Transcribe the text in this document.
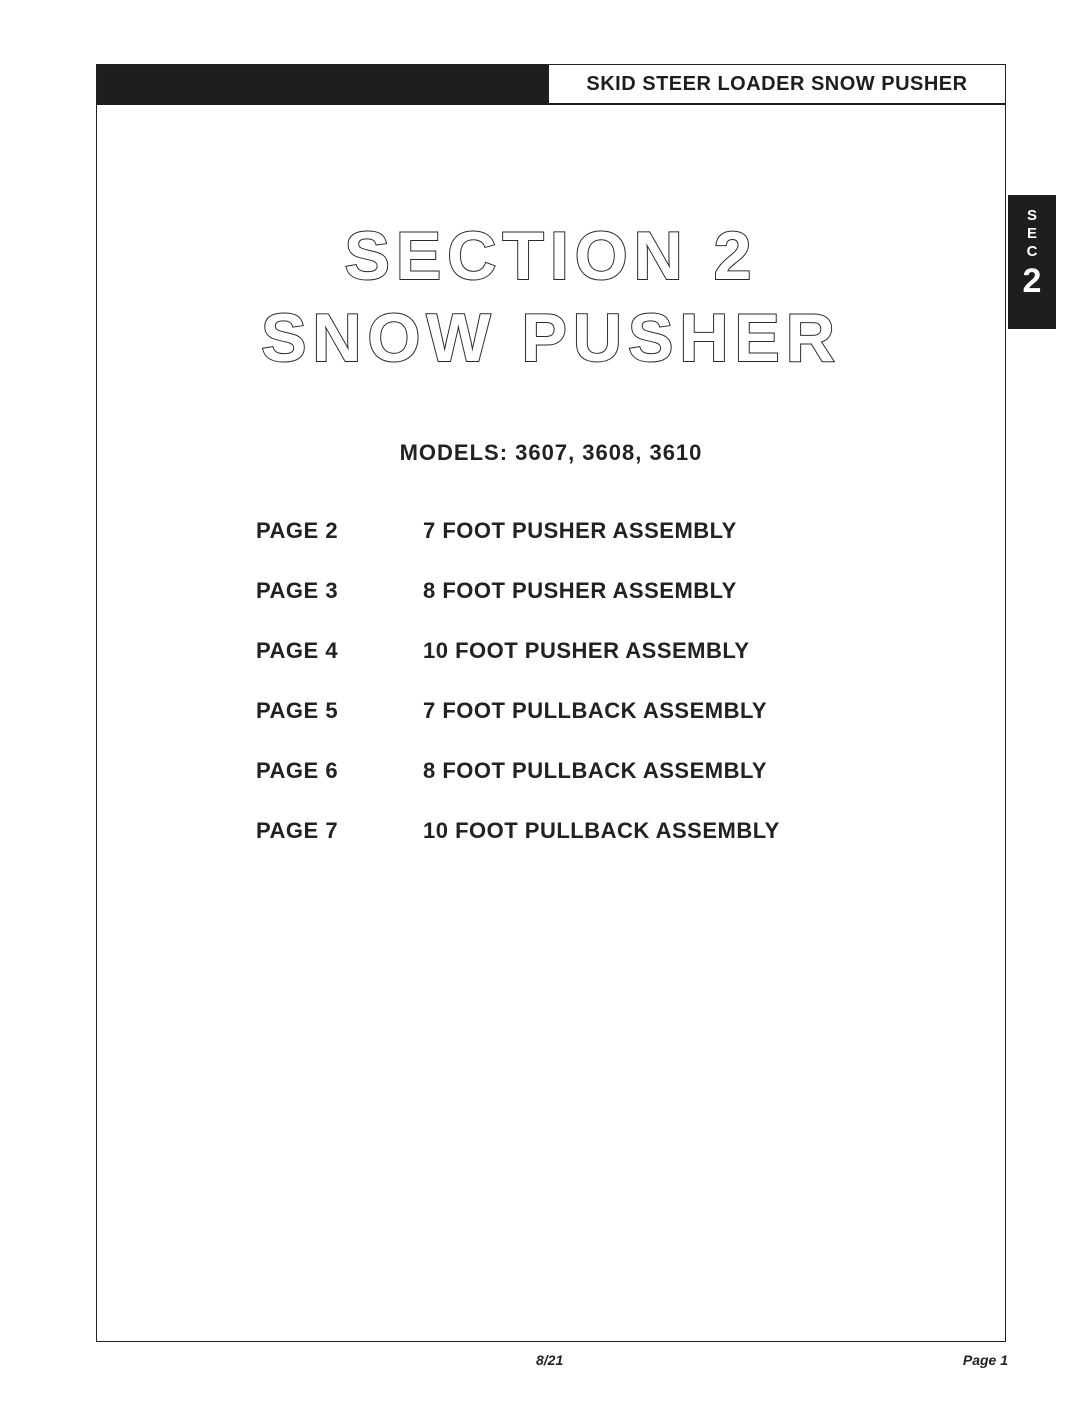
SKID STEER LOADER SNOW PUSHER
S
E
C
2
SECTION 2
SNOW PUSHER
MODELS: 3607, 3608, 3610
PAGE 2	7 FOOT PUSHER ASSEMBLY
PAGE 3	8 FOOT PUSHER ASSEMBLY
PAGE 4	10 FOOT PUSHER ASSEMBLY
PAGE 5	7 FOOT PULLBACK ASSEMBLY
PAGE 6	8 FOOT PULLBACK ASSEMBLY
PAGE 7	10 FOOT PULLBACK ASSEMBLY
8/21	Page 1
